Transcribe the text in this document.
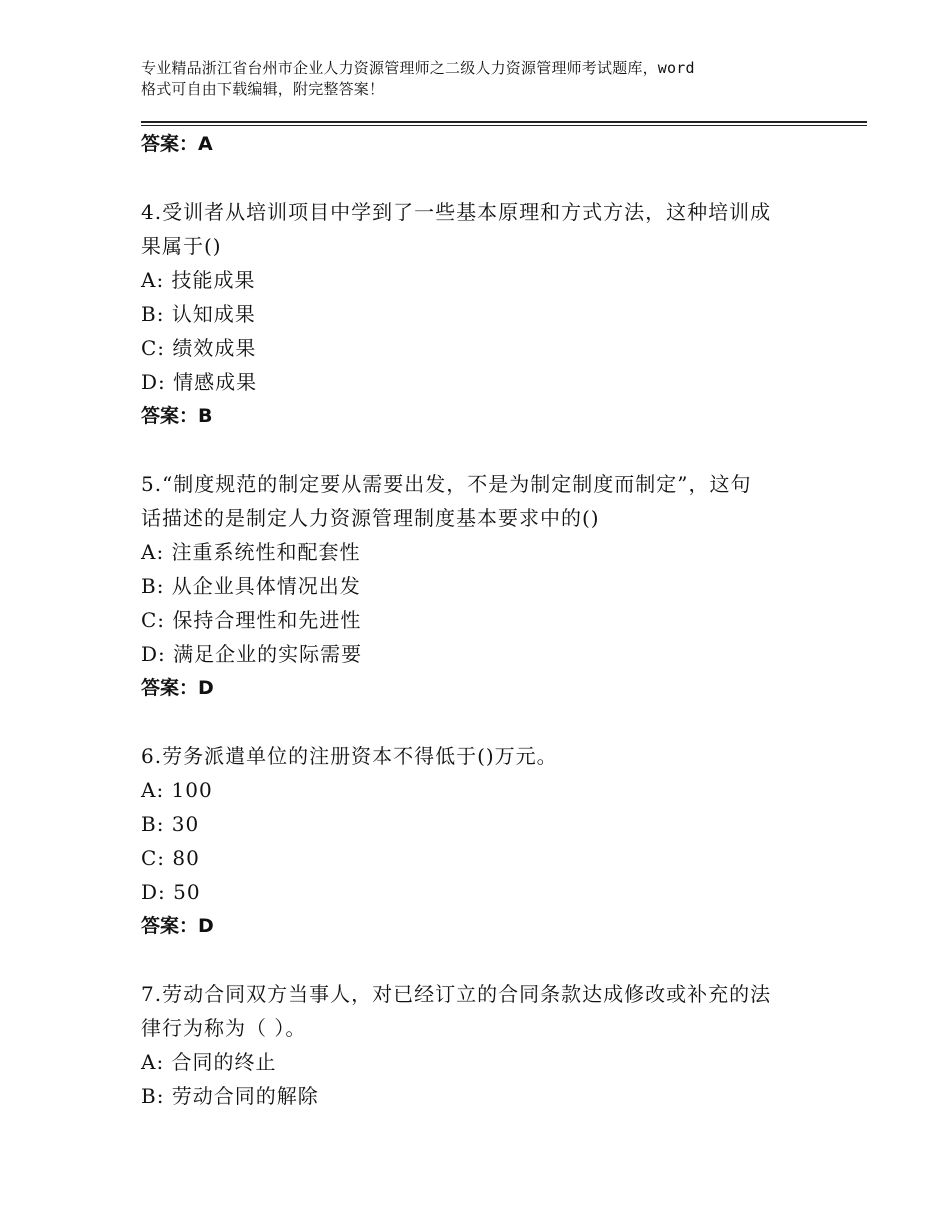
专业精品浙江省台州市企业人力资源管理师之二级人力资源管理师考试题库，word
格式可自由下载编辑，附完整答案！
答案：A
4.受训者从培训项目中学到了一些基本原理和方式方法，这种培训成
果属于()
A: 技能成果
B: 认知成果
C: 绩效成果
D: 情感成果
答案：B
5.“制度规范的制定要从需要出发，不是为制定制度而制定”，这句
话描述的是制定人力资源管理制度基本要求中的()
A: 注重系统性和配套性
B: 从企业具体情况出发
C: 保持合理性和先进性
D: 满足企业的实际需要
答案：D
6.劳务派遣单位的注册资本不得低于()万元。
A: 100
B: 30
C: 80
D: 50
答案：D
7.劳动合同双方当事人，对已经订立的合同条款达成修改或补充的法
律行为称为（ ）。
A: 合同的终止
B: 劳动合同的解除
